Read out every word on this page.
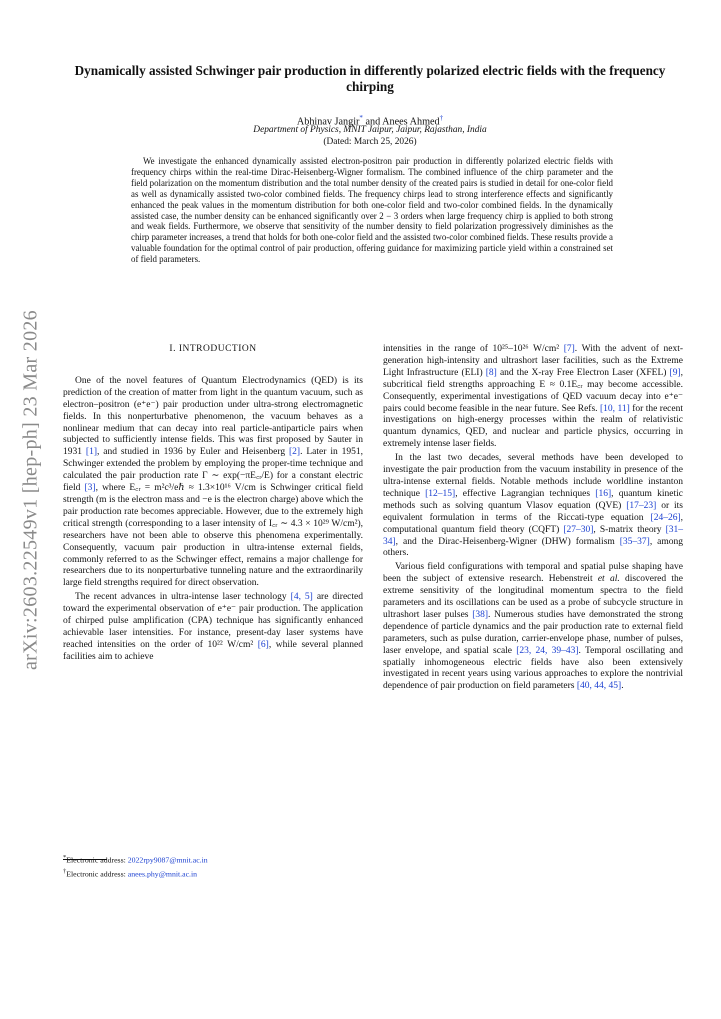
arXiv:2603.22549v1 [hep-ph] 23 Mar 2026
Dynamically assisted Schwinger pair production in differently polarized electric fields with the frequency chirping
Abhinav Jangir* and Anees Ahmed†
Department of Physics, MNIT Jaipur, Jaipur, Rajasthan, India
(Dated: March 25, 2026)

We investigate the enhanced dynamically assisted electron-positron pair production in differently polarized electric fields with frequency chirps within the real-time Dirac-Heisenberg-Wigner formalism. The combined influence of the chirp parameter and the field polarization on the momentum distribution and the total number density of the created pairs is studied in detail for one-color field as well as dynamically assisted two-color combined fields. The frequency chirps lead to strong interference effects and significantly enhanced the peak values in the momentum distribution for both one-color field and two-color combined fields. In the dynamically assisted case, the number density can be enhanced significantly over 2 − 3 orders when large frequency chirp is applied to both strong and weak fields. Furthermore, we observe that sensitivity of the number density to field polarization progressively diminishes as the chirp parameter increases, a trend that holds for both one-color field and the assisted two-color combined fields. These results provide a valuable foundation for the optimal control of pair production, offering guidance for maximizing particle yield within a constrained set of field parameters.

I. INTRODUCTION

One of the novel features of Quantum Electrodynamics (QED) is its prediction of the creation of matter from light in the quantum vacuum, such as electron–positron (e⁺e⁻) pair production under ultra-strong electromagnetic fields. In this nonperturbative phenomenon, the vacuum behaves as a nonlinear medium that can decay into real particle-antiparticle pairs when subjected to sufficiently intense fields. This was first proposed by Sauter in 1931 [1], and studied in 1936 by Euler and Heisenberg [2]. Later in 1951, Schwinger extended the problem by employing the proper-time technique and calculated the pair production rate Γ ∼ exp(−πE꜀ᵣ/E) for a constant electric field [3], where E꜀ᵣ = m²c³/eℏ ≈ 1.3×10¹⁶ V/cm is Schwinger critical field strength (m is the electron mass and −e is the electron charge) above which the pair production rate becomes appreciable. However, due to the extremely high critical strength (corresponding to a laser intensity of I꜀ᵣ ∼ 4.3 × 10²⁹ W/cm²), researchers have not been able to observe this phenomena experimentally. Consequently, vacuum pair production in ultra-intense external fields, commonly referred to as the Schwinger effect, remains a major challenge for researchers due to its nonperturbative tunneling nature and the extraordinarily large field strengths required for direct observation.

The recent advances in ultra-intense laser technology [4, 5] are directed toward the experimental observation of e⁺e⁻ pair production. The application of chirped pulse amplification (CPA) technique has significantly enhanced achievable laser intensities. For instance, present-day laser systems have reached intensities on the order of 10²² W/cm² [6], while several planned facilities aim to achieve

intensities in the range of 10²⁵–10²⁶ W/cm² [7]. With the advent of next-generation high-intensity and ultrashort laser facilities, such as the Extreme Light Infrastructure (ELI) [8] and the X-ray Free Electron Laser (XFEL) [9], subcritical field strengths approaching E ≈ 0.1E꜀ᵣ may become accessible. Consequently, experimental investigations of QED vacuum decay into e⁺e⁻ pairs could become feasible in the near future. See Refs. [10, 11] for the recent investigations on high-energy processes within the realm of relativistic quantum dynamics, QED, and nuclear and particle physics, occurring in extremely intense laser fields.

In the last two decades, several methods have been developed to investigate the pair production from the vacuum instability in presence of the ultra-intense external fields. Notable methods include worldline instanton technique [12–15], effective Lagrangian techniques [16], quantum kinetic methods such as solving quantum Vlasov equation (QVE) [17–23] or its equivalent formulation in terms of the Riccati-type equation [24–26], computational quantum field theory (CQFT) [27–30], S-matrix theory [31–34], and the Dirac-Heisenberg-Wigner (DHW) formalism [35–37], among others.

Various field configurations with temporal and spatial pulse shaping have been the subject of extensive research. Hebenstreit et al. discovered the extreme sensitivity of the longitudinal momentum spectra to the field parameters and its oscillations can be used as a probe of subcycle structure in ultrashort laser pulses [38]. Numerous studies have demonstrated the strong dependence of particle dynamics and the pair production rate to external field parameters, such as pulse duration, carrier-envelope phase, number of pulses, laser envelope, and spatial scale [23, 24, 39–43]. Temporal oscillating and spatially inhomogeneous electric fields have also been extensively investigated in recent years using various approaches to explore the nontrivial dependence of pair production on field parameters [40, 44, 45].

*Electronic address: 2022rpy9087@mnit.ac.in
†Electronic address: anees.phy@mnit.ac.in
